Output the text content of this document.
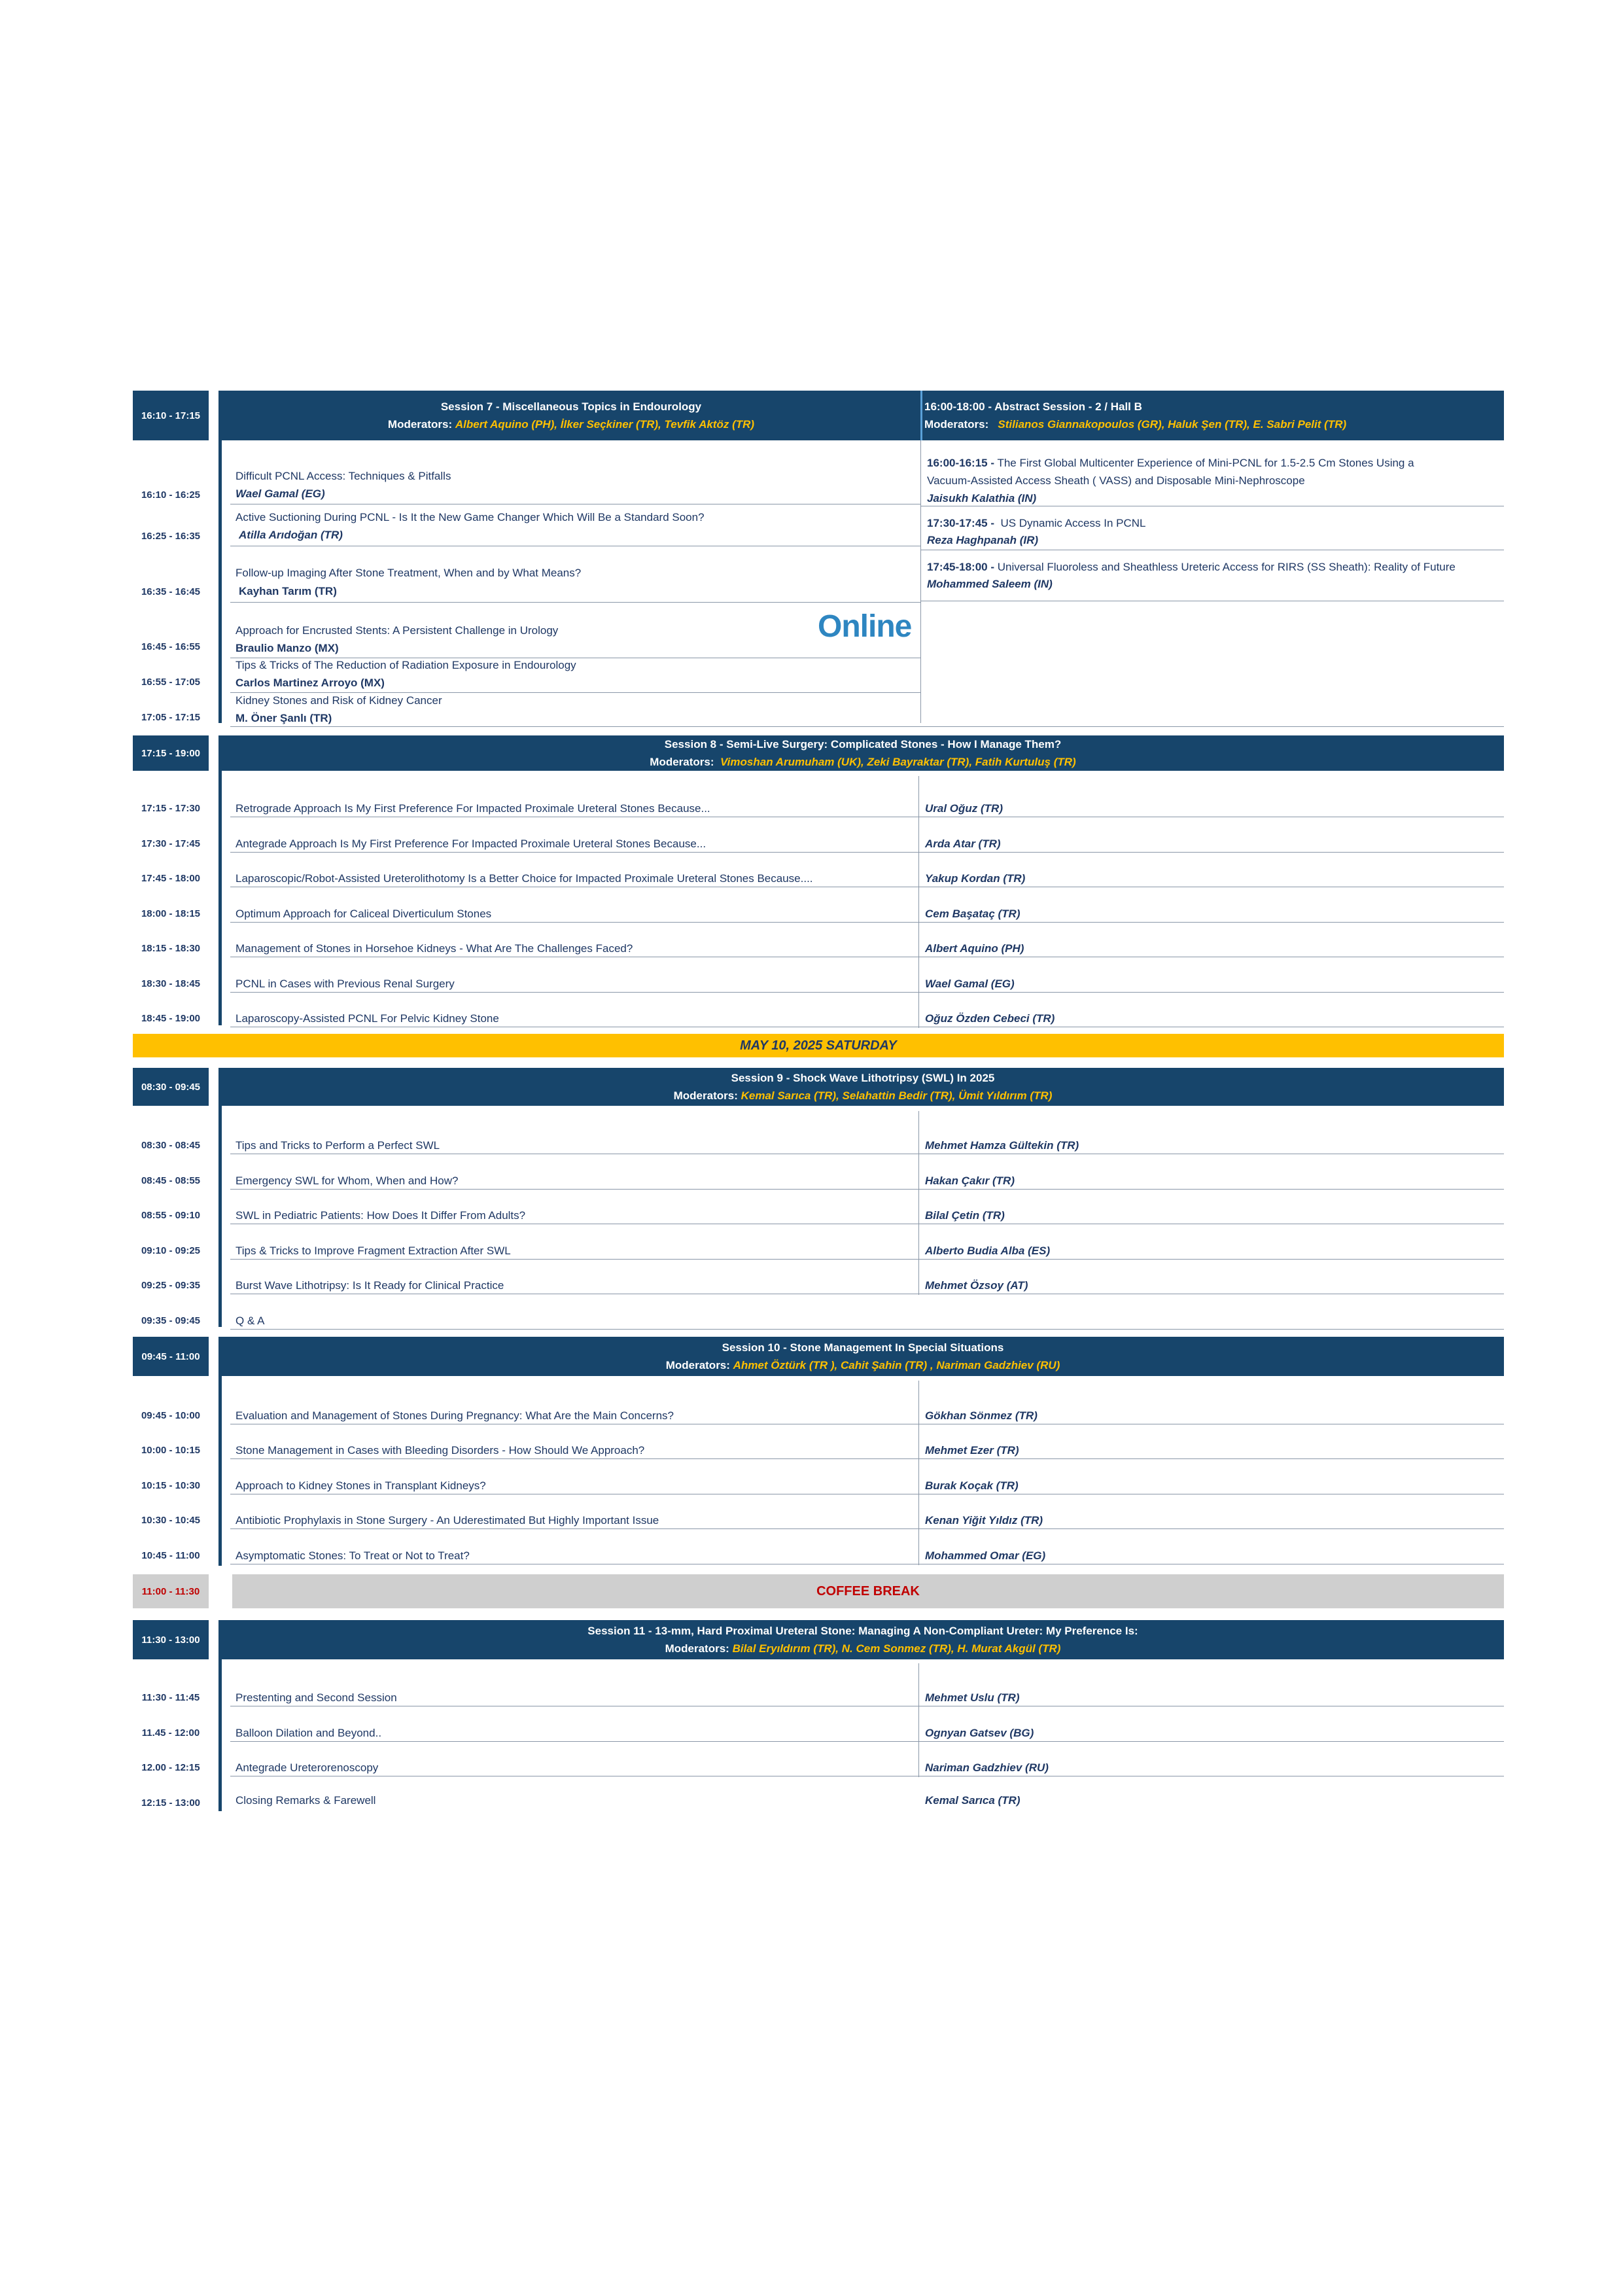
16:10 - 17:15
Session 7 - Miscellaneous Topics in Endourology
Moderators: Albert Aquino (PH), İlker Seçkiner (TR), Tevfik Aktöz (TR)
16:00-18:00 - Abstract Session - 2 / Hall B
Moderators: Stilianos Giannakopoulos (GR), Haluk Şen (TR), E. Sabri Pelit (TR)
16:10 - 16:25
Difficult PCNL Access: Techniques & Pitfalls
Wael Gamal (EG)
16:25 - 16:35
Active Suctioning During PCNL - Is It the New Game Changer Which Will Be a Standard Soon?
Atilla Arıdoğan (TR)
16:35 - 16:45
Follow-up Imaging After Stone Treatment, When and by What Means?
Kayhan Tarım (TR)
16:45 - 16:55
Approach for Encrusted Stents: A Persistent Challenge in Urology
Braulio Manzo (MX)
Online
16:55 - 17:05
Tips & Tricks of The Reduction of Radiation Exposure in Endourology
Carlos Martinez Arroyo (MX)
17:05 - 17:15
Kidney Stones and Risk of Kidney Cancer
M. Öner Şanlı (TR)
16:00-16:15 - The First Global Multicenter Experience of Mini-PCNL for 1.5-2.5 Cm Stones Using a
Vacuum-Assisted Access Sheath ( VASS) and Disposable Mini-Nephroscope
Jaisukh Kalathia (IN)
17:30-17:45 - US Dynamic Access In PCNL
Reza Haghpanah (IR)
17:45-18:00 - Universal Fluoroless and Sheathless Ureteric Access for RIRS (SS Sheath): Reality of Future
Mohammed Saleem (IN)
17:15 - 19:00
Session 8 - Semi-Live Surgery: Complicated Stones - How I Manage Them?
Moderators: Vimoshan Arumuham (UK), Zeki Bayraktar (TR), Fatih Kurtuluş (TR)
17:15 - 17:30	Retrograde Approach Is My First Preference For Impacted Proximale Ureteral Stones Because...	Ural Oğuz (TR)
17:30 - 17:45	Antegrade Approach Is My First Preference For Impacted Proximale Ureteral Stones Because...	Arda Atar (TR)
17:45 - 18:00	Laparoscopic/Robot-Assisted Ureterolithotomy Is a Better Choice for Impacted Proximale Ureteral Stones Because....	Yakup Kordan (TR)
18:00 - 18:15	Optimum Approach for Caliceal Diverticulum Stones	Cem Başataç (TR)
18:15 - 18:30	Management of Stones in Horsehoe Kidneys - What Are The Challenges Faced?	Albert Aquino (PH)
18:30 - 18:45	PCNL in Cases with Previous Renal Surgery	Wael Gamal (EG)
18:45 - 19:00	Laparoscopy-Assisted PCNL For Pelvic Kidney Stone	Oğuz Özden Cebeci (TR)
MAY 10, 2025 SATURDAY
08:30 - 09:45
Session 9 - Shock Wave Lithotripsy (SWL) In 2025
Moderators: Kemal Sarıca (TR), Selahattin Bedir (TR), Ümit Yıldırım (TR)
08:30 - 08:45	Tips and Tricks to Perform a Perfect SWL	Mehmet Hamza Gültekin (TR)
08:45 - 08:55	Emergency SWL for Whom, When and How?	Hakan Çakır (TR)
08:55 - 09:10	SWL in Pediatric Patients: How Does It Differ From Adults?	Bilal Çetin (TR)
09:10 - 09:25	Tips & Tricks to Improve Fragment Extraction After SWL	Alberto Budia Alba (ES)
09:25 - 09:35	Burst Wave Lithotripsy: Is It Ready for Clinical Practice	Mehmet Özsoy (AT)
09:35 - 09:45	Q & A
09:45 - 11:00
Session 10 - Stone Management In Special Situations
Moderators: Ahmet Öztürk (TR ), Cahit Şahin (TR) , Nariman Gadzhiev (RU)
09:45 - 10:00	Evaluation and Management of Stones During Pregnancy: What Are the Main Concerns?	Gökhan Sönmez (TR)
10:00 - 10:15	Stone Management in Cases with Bleeding Disorders - How Should We Approach?	Mehmet Ezer (TR)
10:15 - 10:30	Approach to Kidney Stones in Transplant Kidneys?	Burak Koçak (TR)
10:30 - 10:45	Antibiotic Prophylaxis in Stone Surgery - An Uderestimated But Highly Important Issue	Kenan Yiğit Yıldız (TR)
10:45 - 11:00	Asymptomatic Stones: To Treat or Not to Treat?	Mohammed Omar (EG)
11:00 - 11:30	COFFEE BREAK
11:30 - 13:00
Session 11 - 13-mm, Hard Proximal Ureteral Stone: Managing A Non-Compliant Ureter: My Preference Is:
Moderators: Bilal Eryıldırım (TR), N. Cem Sonmez (TR), H. Murat Akgül (TR)
11:30 - 11:45	Prestenting and Second Session	Mehmet Uslu (TR)
11.45 - 12:00	Balloon Dilation and Beyond..	Ognyan Gatsev (BG)
12.00 - 12:15	Antegrade Ureterorenoscopy	Nariman Gadzhiev (RU)
12:15 - 13:00	Closing Remarks & Farewell	Kemal Sarıca (TR)
